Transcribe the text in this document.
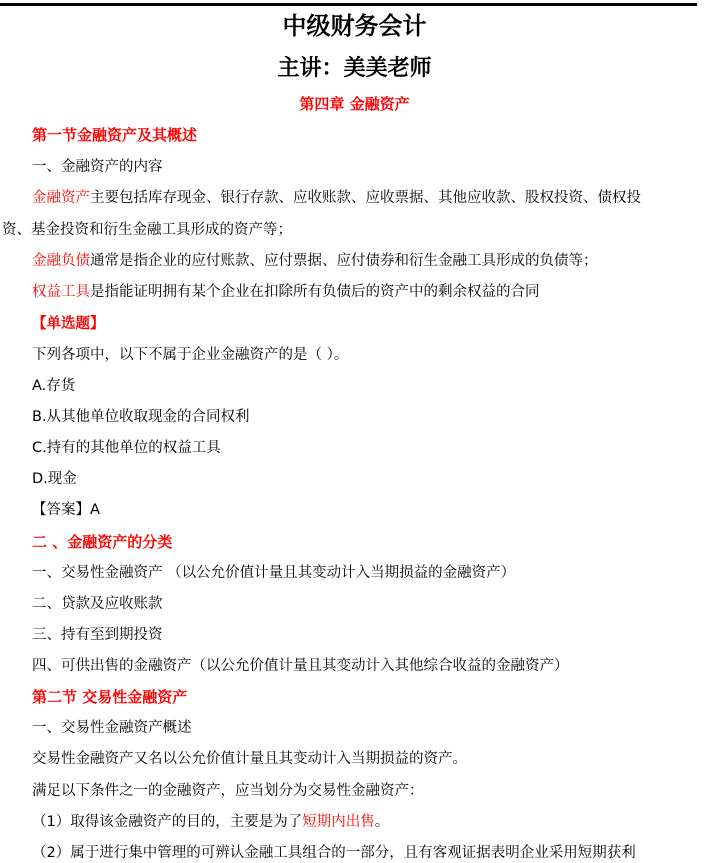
中级财务会计
主讲：美美老师
第四章 金融资产
第一节金融资产及其概述
一、金融资产的内容
金融资产主要包括库存现金、银行存款、应收账款、应收票据、其他应收款、股权投资、债权投
资、基金投资和衍生金融工具形成的资产等；
金融负债通常是指企业的应付账款、应付票据、应付债券和衍生金融工具形成的负债等；
权益工具是指能证明拥有某个企业在扣除所有负债后的资产中的剩余权益的合同
【单选题】
下列各项中，以下不属于企业金融资产的是（ ）。
A.存货
B.从其他单位收取现金的合同权利
C.持有的其他单位的权益工具
D.现金
【答案】A
二 、金融资产的分类
一、交易性金融资产 （以公允价值计量且其变动计入当期损益的金融资产）
二、贷款及应收账款
三、持有至到期投资
四、可供出售的金融资产（以公允价值计量且其变动计入其他综合收益的金融资产）
第二节 交易性金融资产
一、交易性金融资产概述
交易性金融资产又名以公允价值计量且其变动计入当期损益的资产。
满足以下条件之一的金融资产，应当划分为交易性金融资产：
（1）取得该金融资产的目的，主要是为了短期内出售。
（2）属于进行集中管理的可辨认金融工具组合的一部分，且有客观证据表明企业采用短期获利
